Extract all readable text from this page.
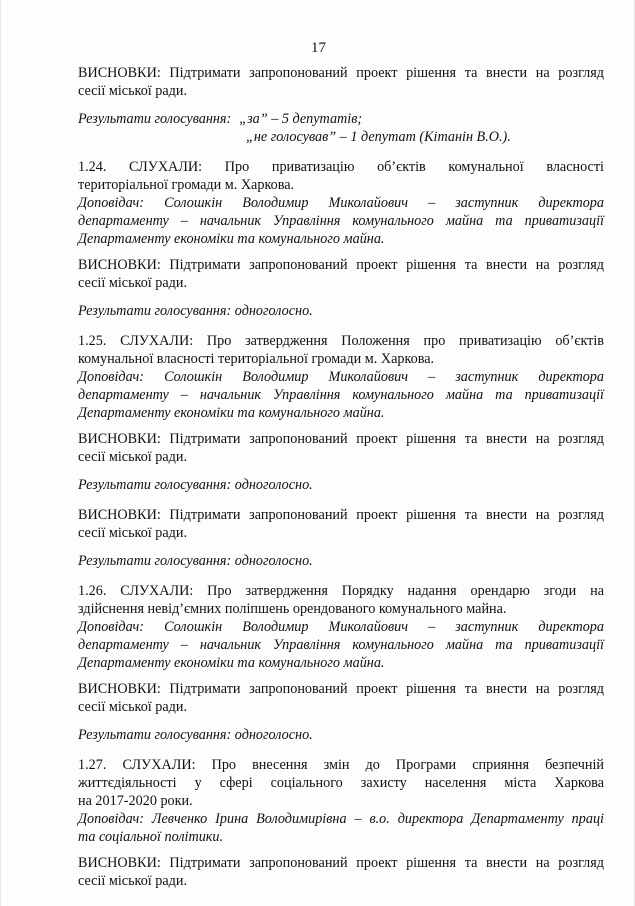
17
ВИСНОВКИ: Підтримати запропонований проект рішення та внести на розгляд
сесії міської ради.
Результати голосування: „за” – 5 депутатів;
„не голосував” – 1 депутат (Кітанін В.О.).
1.24. СЛУХАЛИ: Про приватизацію об’єктів комунальної власності
територіальної громади м. Харкова.
Доповідач: Солошкін Володимир Миколайович – заступник директора
департаменту – начальник Управління комунального майна та приватизації
Департаменту економіки та комунального майна.
ВИСНОВКИ: Підтримати запропонований проект рішення та внести на розгляд
сесії міської ради.
Результати голосування: одноголосно.
1.25. СЛУХАЛИ: Про затвердження Положення про приватизацію об’єктів
комунальної власності територіальної громади м. Харкова.
Доповідач: Солошкін Володимир Миколайович – заступник директора
департаменту – начальник Управління комунального майна та приватизації
Департаменту економіки та комунального майна.
ВИСНОВКИ: Підтримати запропонований проект рішення та внести на розгляд
сесії міської ради.
Результати голосування: одноголосно.
ВИСНОВКИ: Підтримати запропонований проект рішення та внести на розгляд
сесії міської ради.
Результати голосування: одноголосно.
1.26. СЛУХАЛИ: Про затвердження Порядку надання орендарю згоди на
здійснення невід’ємних поліпшень орендованого комунального майна.
Доповідач: Солошкін Володимир Миколайович – заступник директора
департаменту – начальник Управління комунального майна та приватизації
Департаменту економіки та комунального майна.
ВИСНОВКИ: Підтримати запропонований проект рішення та внести на розгляд
сесії міської ради.
Результати голосування: одноголосно.
1.27. СЛУХАЛИ: Про внесення змін до Програми сприяння безпечній
життєдіяльності у сфері соціального захисту населення міста Харкова
на 2017-2020 роки.
Доповідач: Левченко Ірина Володимирівна – в.о. директора Департаменту праці
та соціальної політики.
ВИСНОВКИ: Підтримати запропонований проект рішення та внести на розгляд
сесії міської ради.
